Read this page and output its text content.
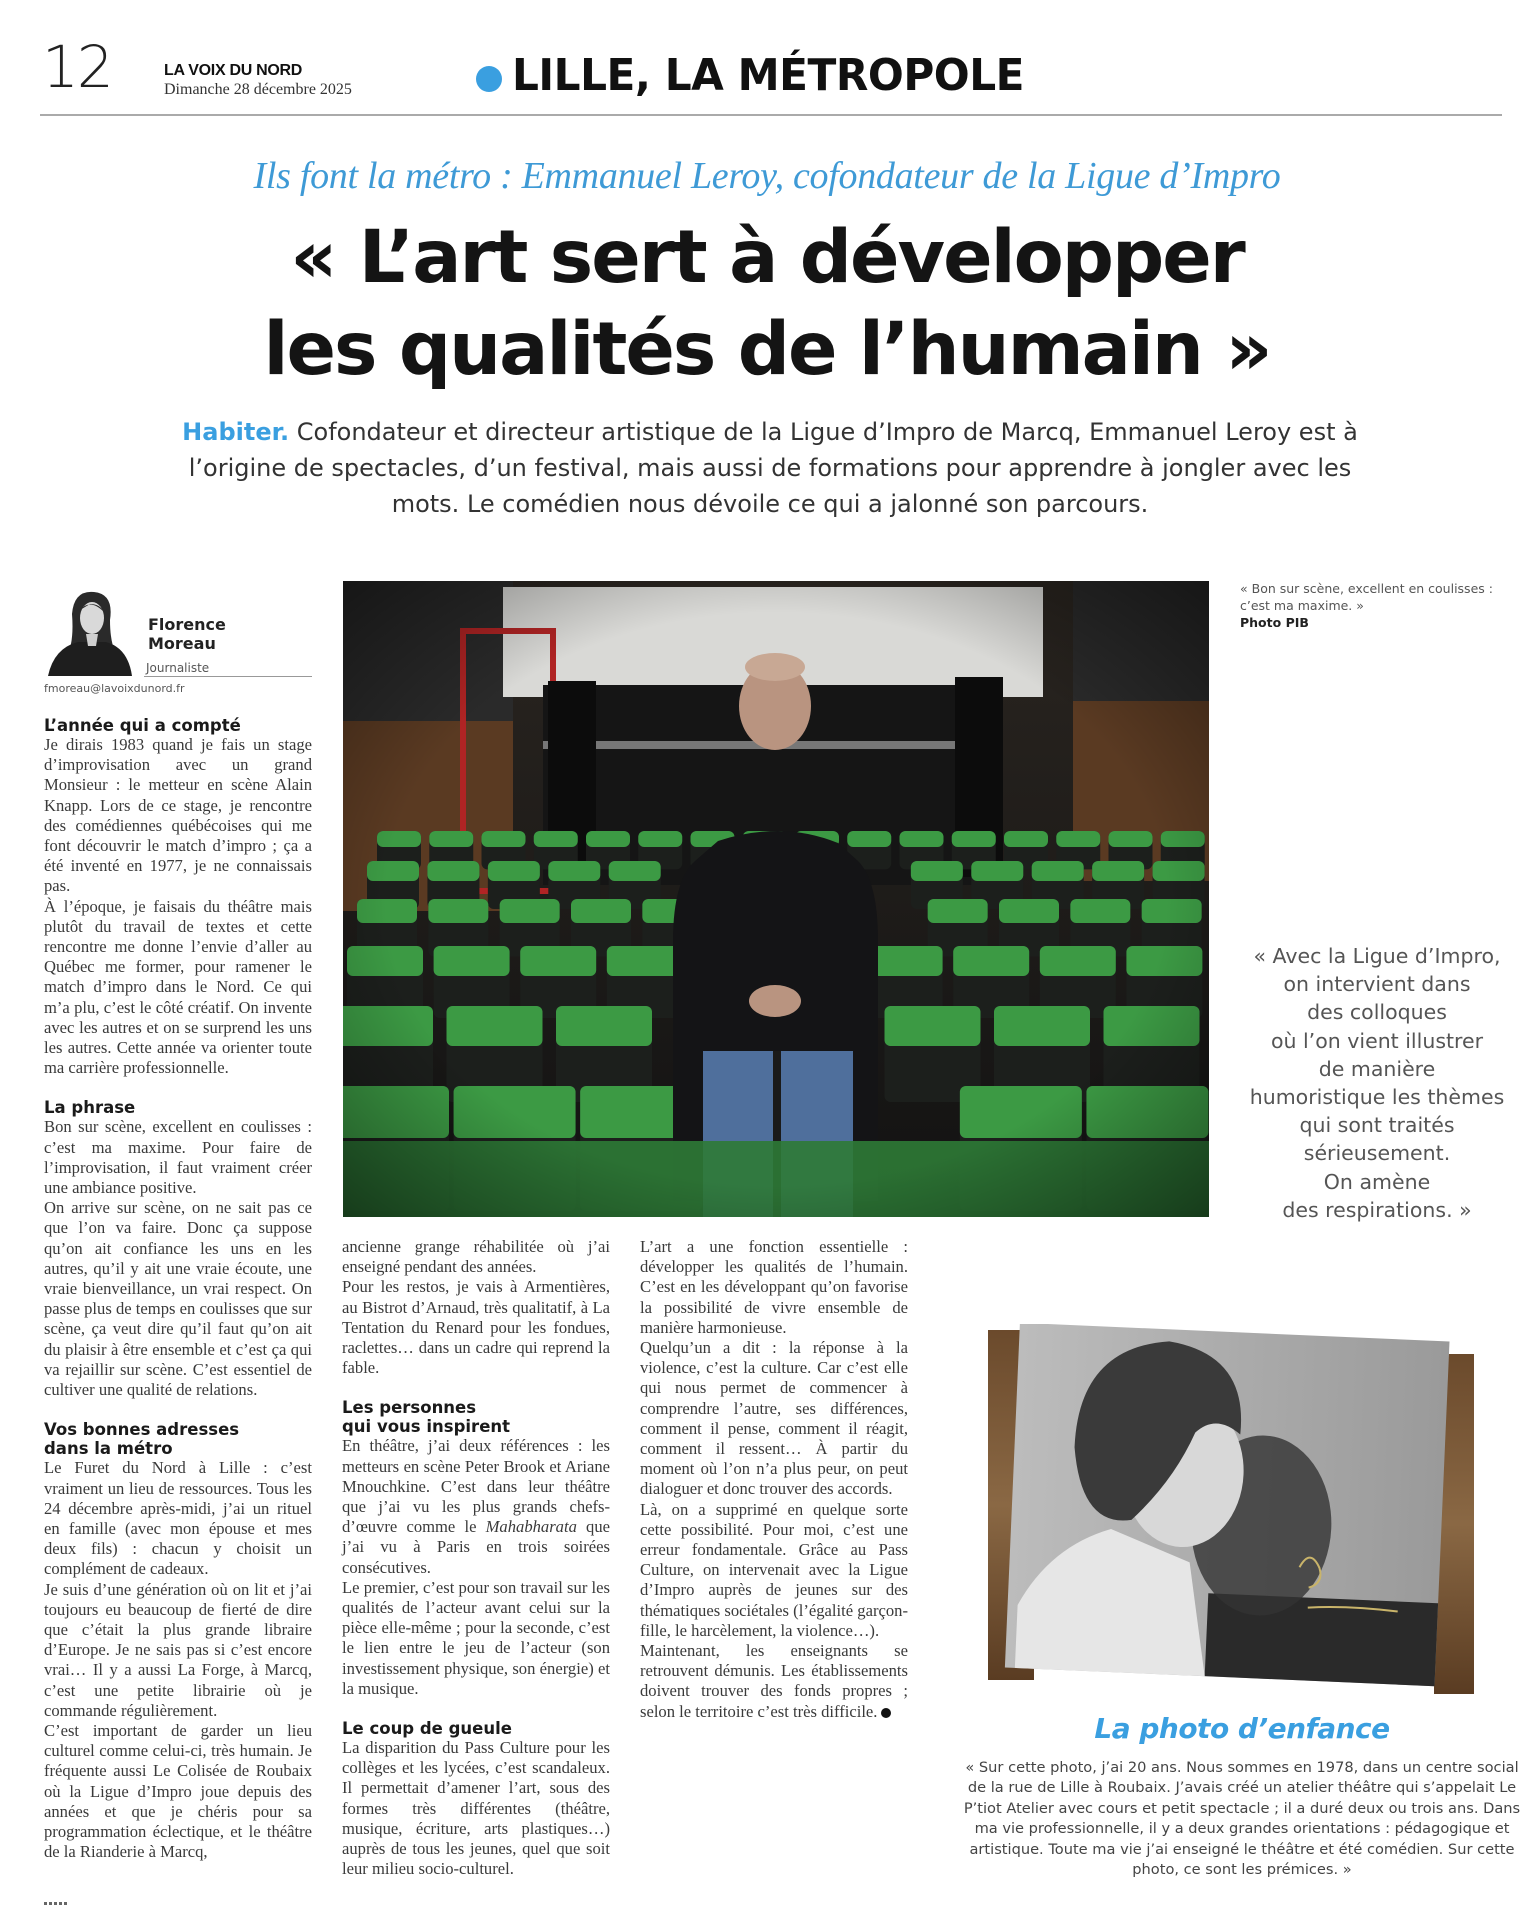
12	LA VOIX DU NORD
Dimanche 28 décembre 2025	LILLE, LA MÉTROPOLE
Ils font la métro : Emmanuel Leroy, cofondateur de la Ligue d’Impro
« L’art sert à développer
les qualités de l’humain »
Habiter. Cofondateur et directeur artistique de la Ligue d’Impro de Marcq, Emmanuel Leroy est à l’origine de spectacles, d’un festival, mais aussi de formations pour apprendre à jongler avec les mots. Le comédien nous dévoile ce qui a jalonné son parcours.
Florence
Moreau
Journaliste
fmoreau@lavoixdunord.fr
L’année qui a compté

Je dirais 1983 quand je fais un stage d’improvisation avec un grand Monsieur : le metteur en scène Alain Knapp. Lors de ce stage, je rencontre des comédiennes québécoises qui me font découvrir le match d’impro ; ça a été inventé en 1977, je ne connaissais pas.

À l’époque, je faisais du théâtre mais plutôt du travail de textes et cette rencontre me donne l’envie d’aller au Québec me former, pour ramener le match d’impro dans le Nord. Ce qui m’a plu, c’est le côté créatif. On invente avec les autres et on se surprend les uns les autres. Cette année va orienter toute ma carrière professionnelle.

La phrase

Bon sur scène, excellent en coulisses : c’est ma maxime. Pour faire de l’improvisation, il faut vraiment créer une ambiance positive.

On arrive sur scène, on ne sait pas ce que l’on va faire. Donc ça suppose qu’on ait confiance les uns en les autres, qu’il y ait une vraie écoute, une vraie bienveillance, un vrai respect. On passe plus de temps en coulisses que sur scène, ça veut dire qu’il faut qu’on ait du plaisir à être ensemble et c’est ça qui va rejaillir sur scène. C’est essentiel de cultiver une qualité de relations.

Vos bonnes adresses
dans la métro

Le Furet du Nord à Lille : c’est vraiment un lieu de ressources. Tous les 24 décembre après-midi, j’ai un rituel en famille (avec mon épouse et mes deux fils) : chacun y choisit un complément de cadeaux.

Je suis d’une génération où on lit et j’ai toujours eu beaucoup de fierté de dire que c’était la plus grande libraire d’Europe. Je ne sais pas si c’est encore vrai… Il y a aussi La Forge, à Marcq, c’est une petite librairie où je commande régulièrement.

C’est important de garder un lieu culturel comme celui-ci, très humain. Je fréquente aussi Le Colisée de Roubaix où la Ligue d’Impro joue depuis des années et que je chéris pour sa programmation éclectique, et le théâtre de la Rianderie à Marcq,

« Bon sur scène, excellent en coulisses : c’est ma maxime. »
Photo PIB
« Avec la Ligue d’Impro,
on intervient dans
des colloques
où l’on vient illustrer
de manière
humoristique les thèmes
qui sont traités
sérieusement.
On amène
des respirations. »

ancienne grange réhabilitée où j’ai enseigné pendant des années.

Pour les restos, je vais à Armentières, au Bistrot d’Arnaud, très qualitatif, à La Tentation du Renard pour les fondues, raclettes… dans un cadre qui reprend la fable.

Les personnes
qui vous inspirent

En théâtre, j’ai deux références : les metteurs en scène Peter Brook et Ariane Mnouchkine. C’est dans leur théâtre que j’ai vu les plus grands chefs-d’œuvre comme le Mahabharata que j’ai vu à Paris en trois soirées consécutives.

Le premier, c’est pour son travail sur les qualités de l’acteur avant celui sur la pièce elle-même ; pour la seconde, c’est le lien entre le jeu de l’acteur (son investissement physique, son énergie) et la musique.

Le coup de gueule

La disparition du Pass Culture pour les collèges et les lycées, c’est scandaleux. Il permettait d’amener l’art, sous des formes très différentes (théâtre, musique, écriture, arts plastiques…) auprès de tous les jeunes, quel que soit leur milieu socio-culturel.

L’art a une fonction essentielle : développer les qualités de l’humain. C’est en les développant qu’on favorise la possibilité de vivre ensemble de manière harmonieuse.

Quelqu’un a dit : la réponse à la violence, c’est la culture. Car c’est elle qui nous permet de commencer à comprendre l’autre, ses différences, comment il pense, comment il réagit, comment il ressent… À partir du moment où l’on n’a plus peur, on peut dialoguer et donc trouver des accords.

Là, on a supprimé en quelque sorte cette possibilité. Pour moi, c’est une erreur fondamentale. Grâce au Pass Culture, on intervenait avec la Ligue d’Impro auprès de jeunes sur des thématiques sociétales (l’égalité garçon-fille, le harcèlement, la violence…).

Maintenant, les enseignants se retrouvent démunis. Les établissements doivent trouver des fonds propres ; selon le territoire c’est très difficile.

La photo d’enfance
« Sur cette photo, j’ai 20 ans. Nous sommes en 1978, dans un centre social de la rue de Lille à Roubaix. J’avais créé un atelier théâtre qui s’appelait Le P’tiot Atelier avec cours et petit spectacle ; il a duré deux ou trois ans. Dans ma vie professionnelle, il y a deux grandes orientations : pédagogique et artistique. Toute ma vie j’ai enseigné le théâtre et été comédien. Sur cette photo, ce sont les prémices. »
